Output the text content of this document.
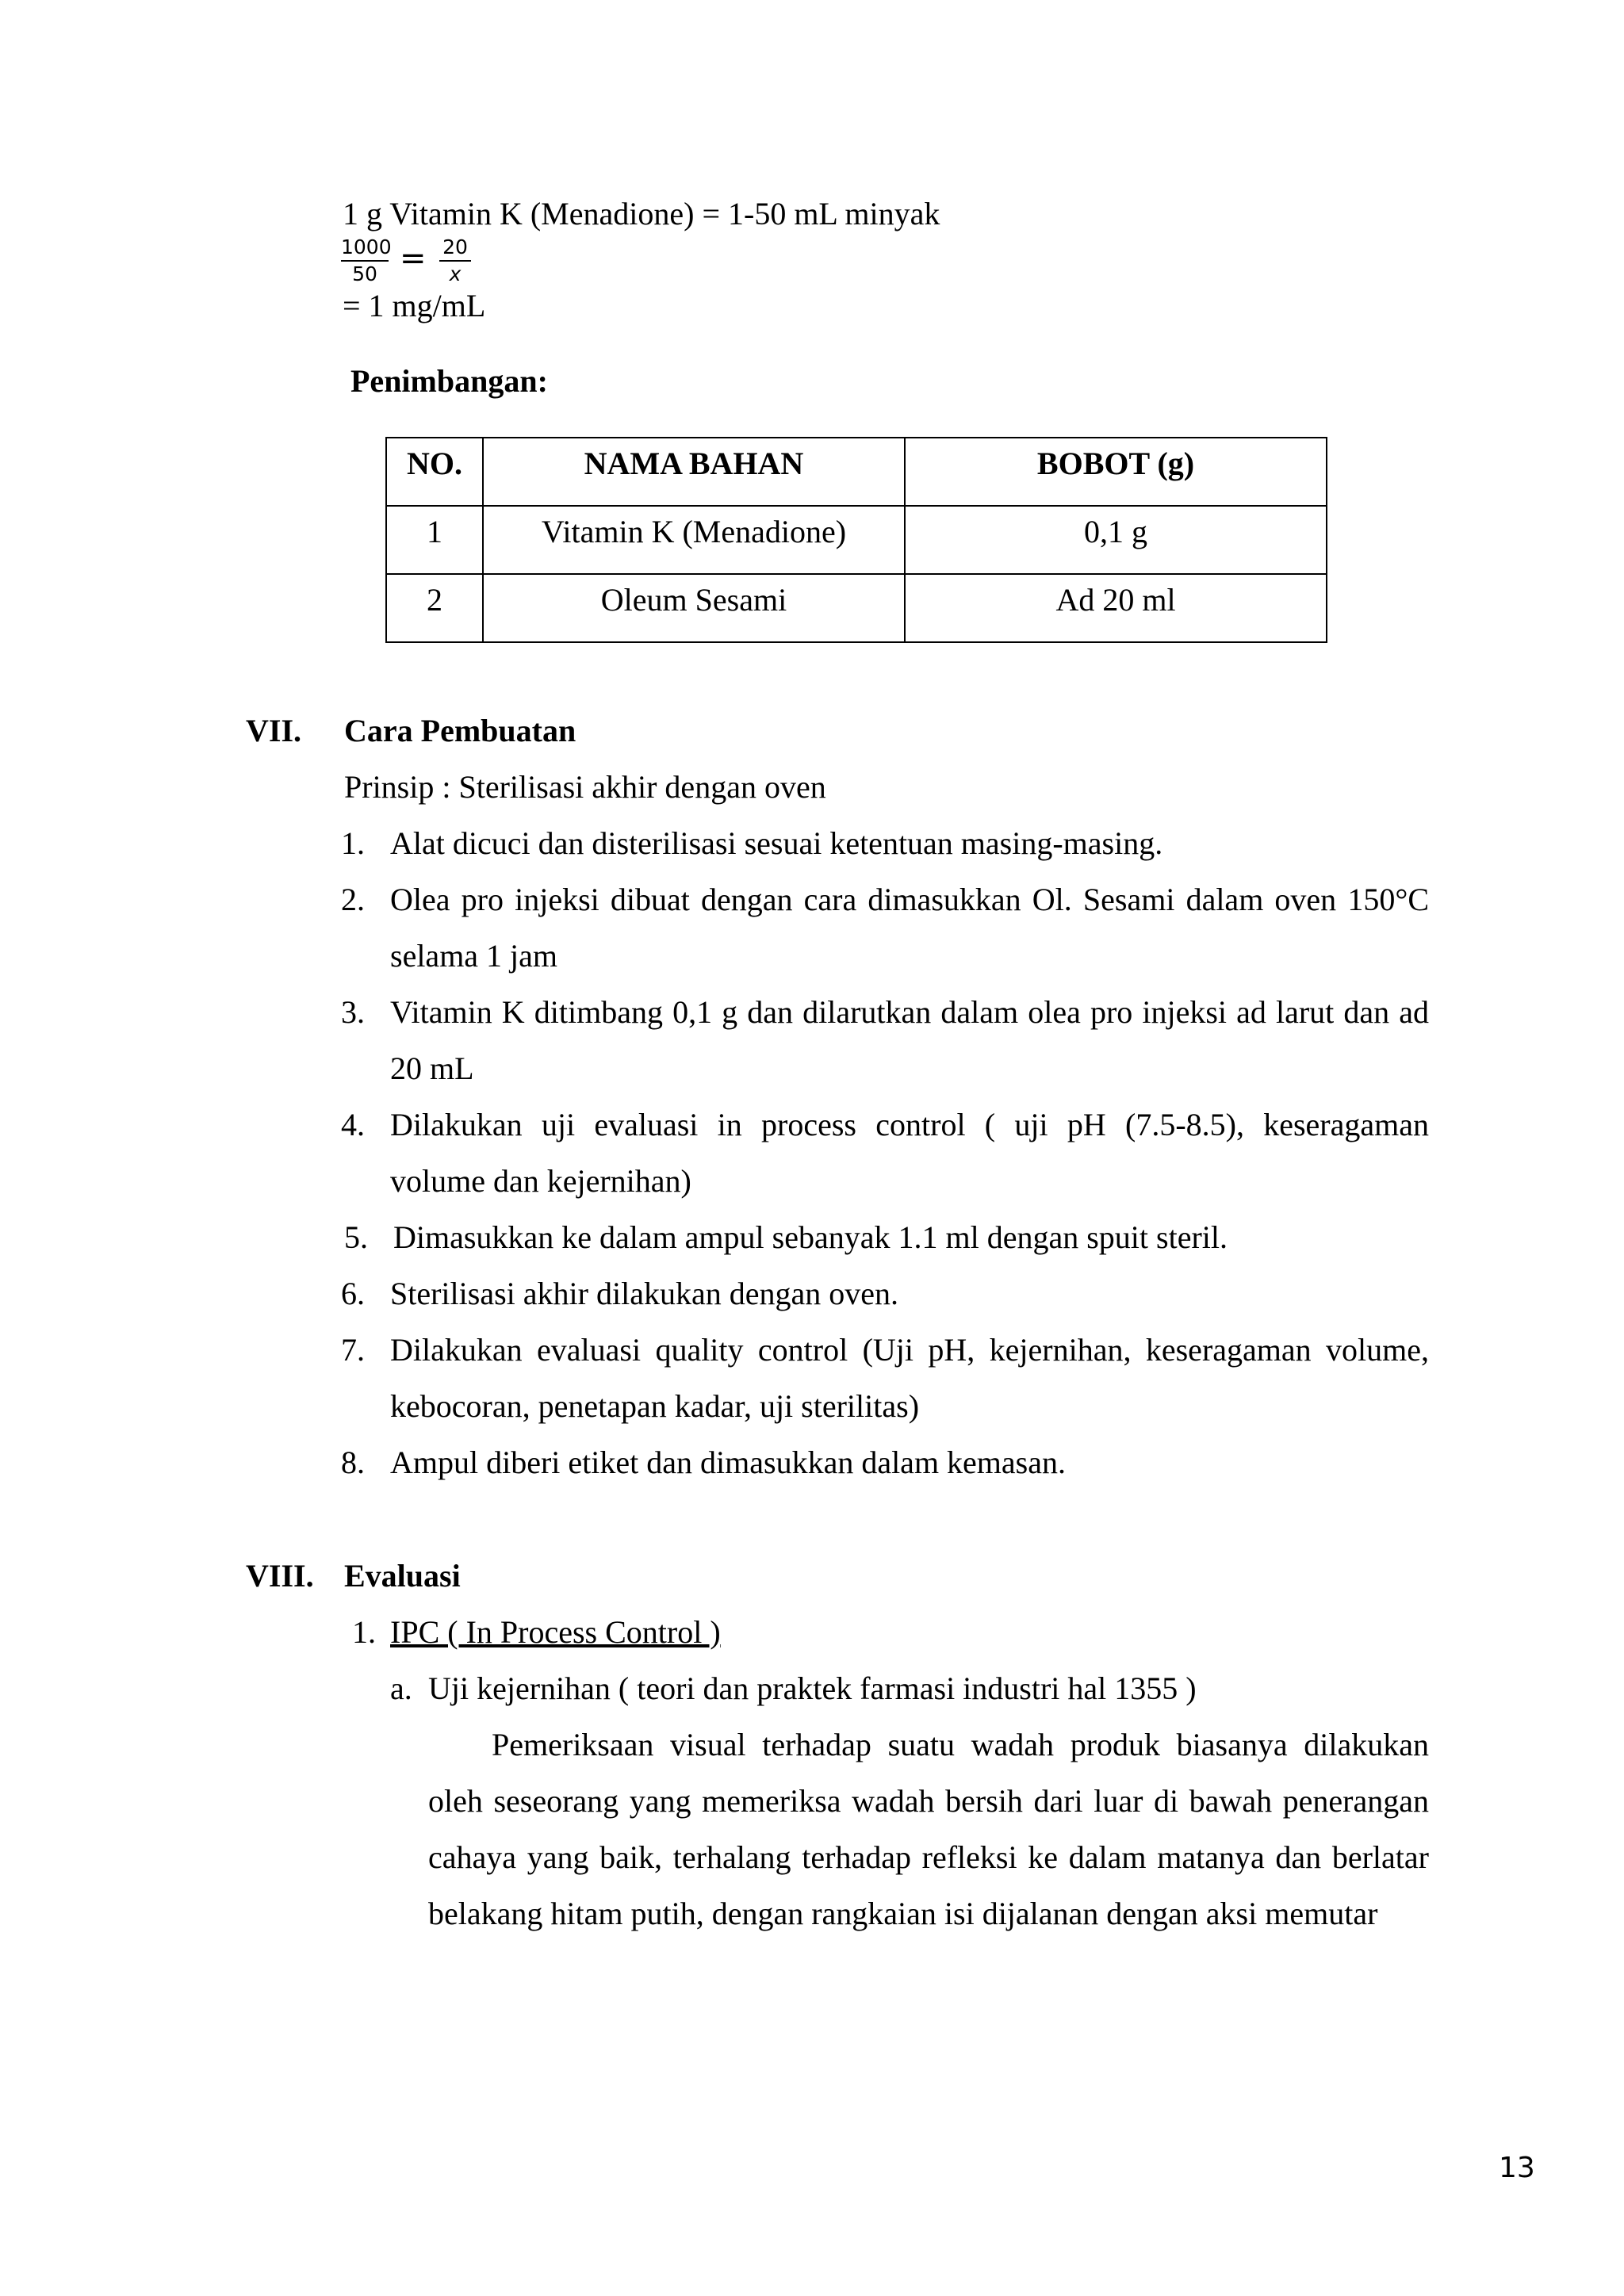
1 g Vitamin K (Menadione) = 1-50 mL minyak
1000
50 = 20
x
= 1 mg/mL
Penimbangan:
NO.	NAMA BAHAN	BOBOT (g)
1	Vitamin K (Menadione)	0,1 g
2	Oleum Sesami	Ad 20 ml
VII. Cara Pembuatan
Prinsip : Sterilisasi akhir dengan oven
1. Alat dicuci dan disterilisasi sesuai ketentuan masing-masing.
2. Olea pro injeksi dibuat dengan cara dimasukkan Ol. Sesami dalam oven 150°C
selama 1 jam
3. Vitamin K ditimbang 0,1 g dan dilarutkan dalam olea pro injeksi ad larut dan ad
20 mL
4. Dilakukan uji evaluasi in process control ( uji pH (7.5-8.5), keseragaman
volume dan kejernihan)
5. Dimasukkan ke dalam ampul sebanyak 1.1 ml dengan spuit steril.
6. Sterilisasi akhir dilakukan dengan oven.
7. Dilakukan evaluasi quality control (Uji pH, kejernihan, keseragaman volume,
kebocoran, penetapan kadar, uji sterilitas)
8. Ampul diberi etiket dan dimasukkan dalam kemasan.
VIII. Evaluasi
1. IPC ( In Process Control )
a. Uji kejernihan ( teori dan praktek farmasi industri hal 1355 )
Pemeriksaan visual terhadap suatu wadah produk biasanya dilakukan
oleh seseorang yang memeriksa wadah bersih dari luar di bawah penerangan
cahaya yang baik, terhalang terhadap refleksi ke dalam matanya dan berlatar
belakang hitam putih, dengan rangkaian isi dijalanan dengan aksi memutar
13
